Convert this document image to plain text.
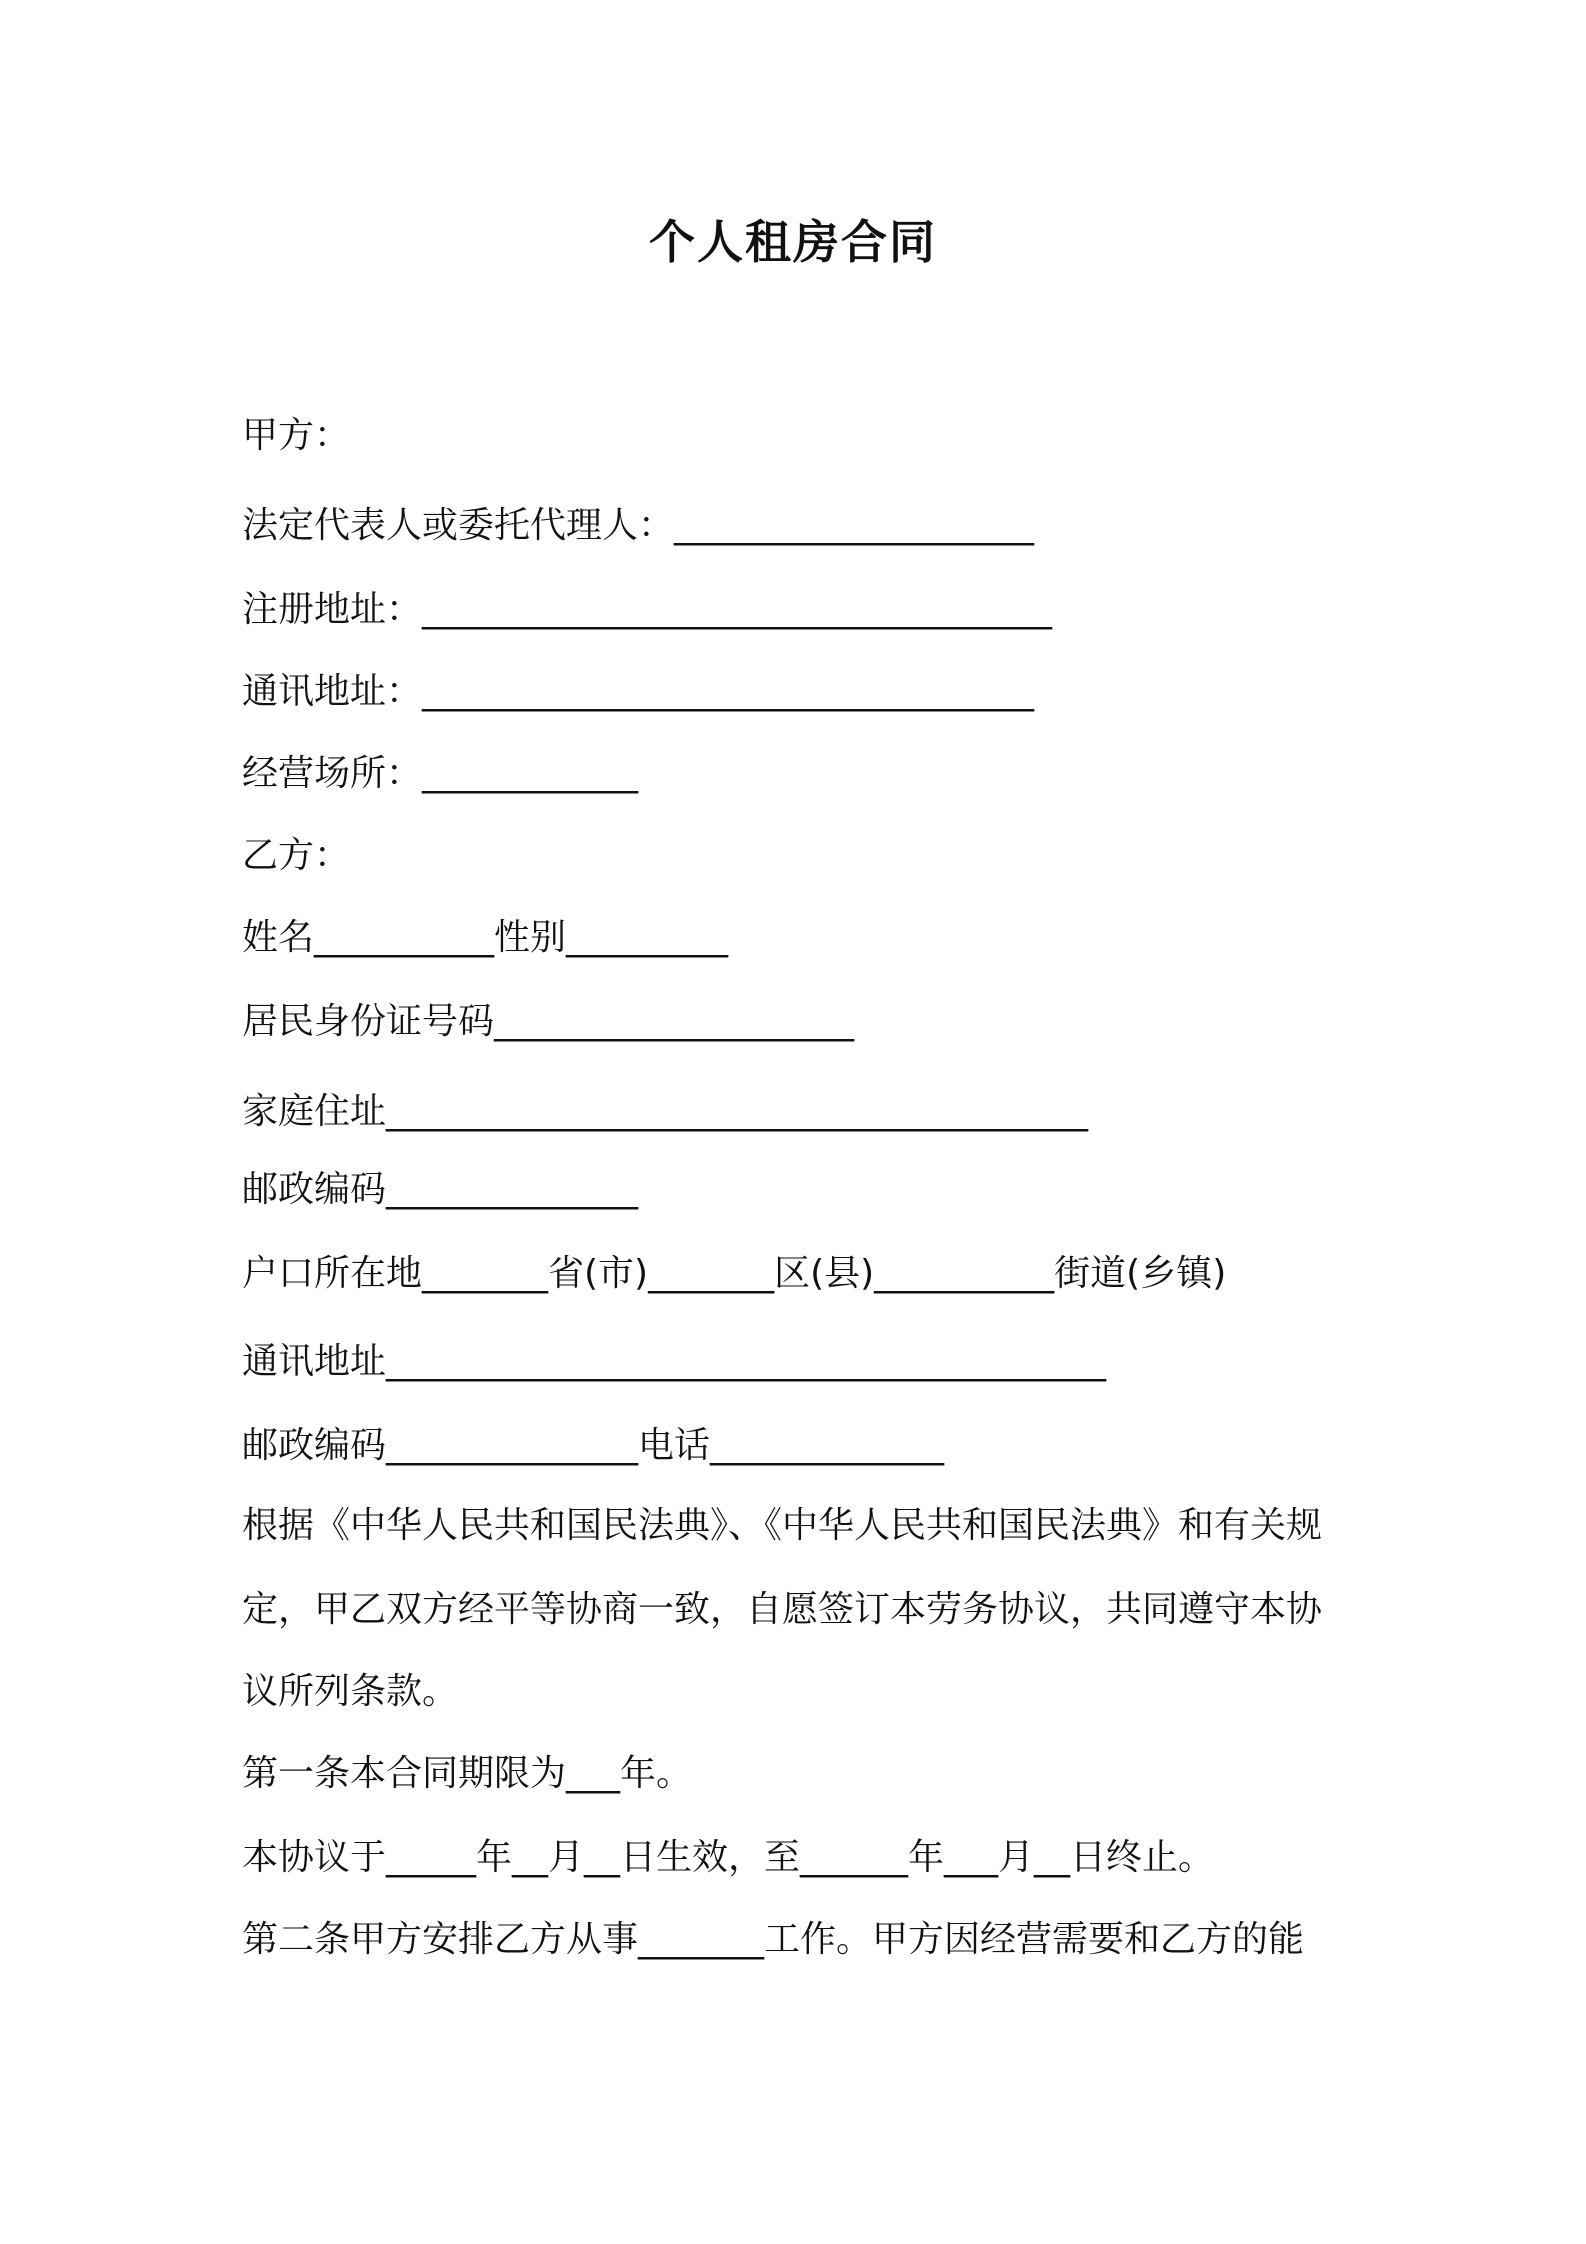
个人租房合同
甲方：
法定代表人或委托代理人：____________________
注册地址：___________________________________
通讯地址：__________________________________
经营场所：____________
乙方：
姓名__________性别_________
居民身份证号码____________________
家庭住址_______________________________________
邮政编码______________
户口所在地_______省(市)_______区(县)__________街道(乡镇)
通讯地址________________________________________
邮政编码______________电话_____________
根据《中华人民共和国民法典》、《中华人民共和国民法典》和有关规
定，甲乙双方经平等协商一致，自愿签订本劳务协议，共同遵守本协
议所列条款。
第一条本合同期限为___年。
本协议于_____年__月__日生效，至______年___月__日终止。
第二条甲方安排乙方从事_______工作。甲方因经营需要和乙方的能
